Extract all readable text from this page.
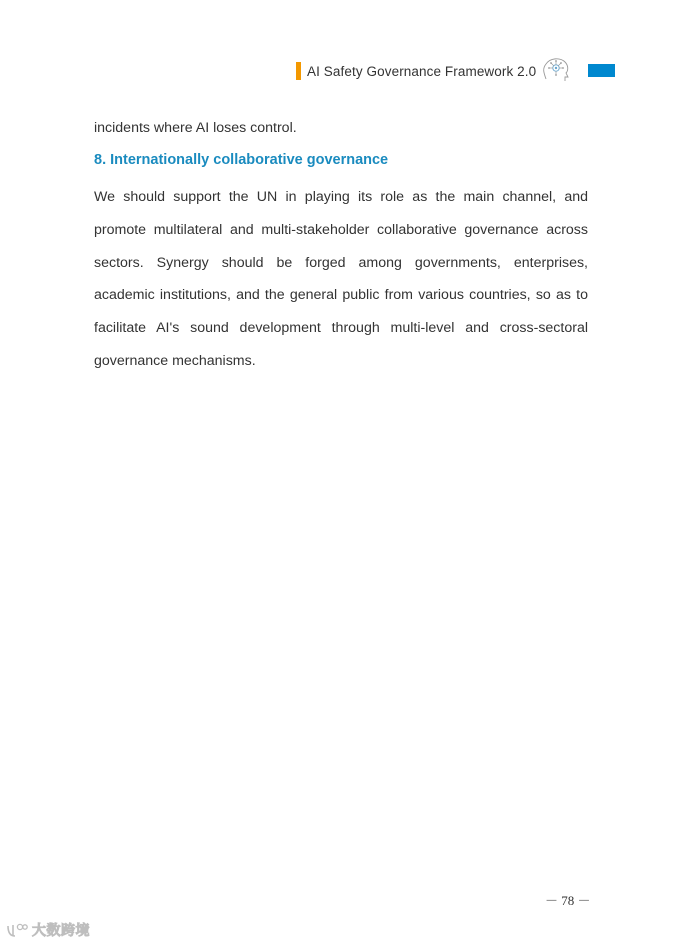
AI Safety Governance Framework 2.0
incidents where AI loses control.
8. Internationally collaborative governance
We should support the UN in playing its role as the main channel, and promote multilateral and multi-stakeholder collaborative governance across sectors. Synergy should be forged among governments, enterprises, academic institutions, and the general public from various countries, so as to facilitate AI's sound development through multi-level and cross-sectoral governance mechanisms.
－ 78 －
大数跨境
